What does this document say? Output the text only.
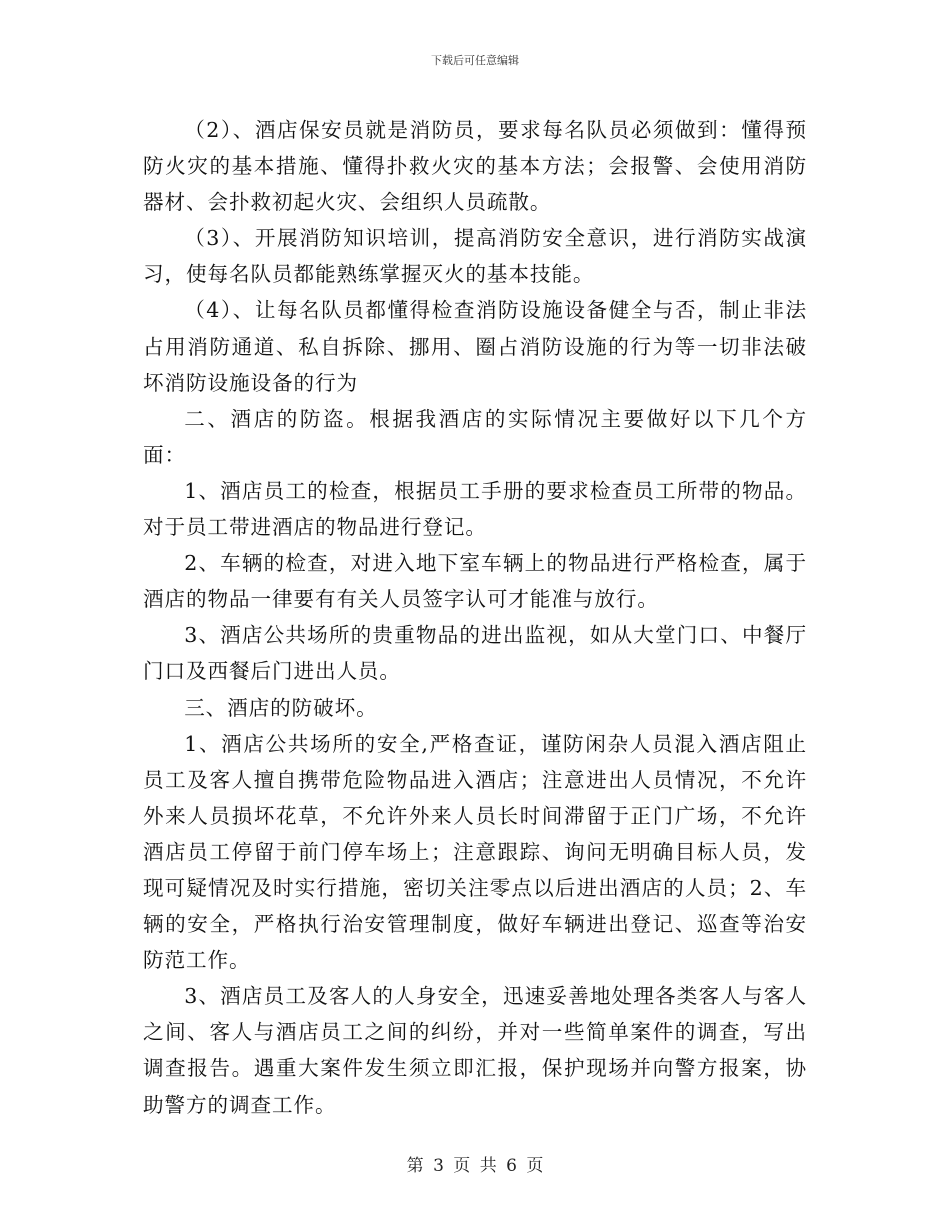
下载后可任意编辑

（2）、酒店保安员就是消防员，要求每名队员必须做到：懂得预防火灾的基本措施、懂得扑救火灾的基本方法；会报警、会使用消防器材、会扑救初起火灾、会组织人员疏散。

（3）、开展消防知识培训，提高消防安全意识，进行消防实战演习，使每名队员都能熟练掌握灭火的基本技能。

（4）、让每名队员都懂得检查消防设施设备健全与否，制止非法占用消防通道、私自拆除、挪用、圈占消防设施的行为等一切非法破坏消防设施设备的行为

二、酒店的防盗。根据我酒店的实际情况主要做好以下几个方面：

1、酒店员工的检查，根据员工手册的要求检查员工所带的物品。对于员工带进酒店的物品进行登记。

2、车辆的检查，对进入地下室车辆上的物品进行严格检查，属于酒店的物品一律要有有关人员签字认可才能准与放行。

3、酒店公共场所的贵重物品的进出监视，如从大堂门口、中餐厅门口及西餐后门进出人员。

三、酒店的防破坏。

1、酒店公共场所的安全,严格查证，谨防闲杂人员混入酒店阻止员工及客人擅自携带危险物品进入酒店；注意进出人员情况，不允许外来人员损坏花草，不允许外来人员长时间滞留于正门广场，不允许酒店员工停留于前门停车场上；注意跟踪、询问无明确目标人员，发现可疑情况及时实行措施，密切关注零点以后进出酒店的人员；2、车辆的安全，严格执行治安管理制度，做好车辆进出登记、巡查等治安防范工作。

3、酒店员工及客人的人身安全，迅速妥善地处理各类客人与客人之间、客人与酒店员工之间的纠纷，并对一些简单案件的调查，写出调查报告。遇重大案件发生须立即汇报，保护现场并向警方报案，协助警方的调查工作。

第 3 页 共 6 页
